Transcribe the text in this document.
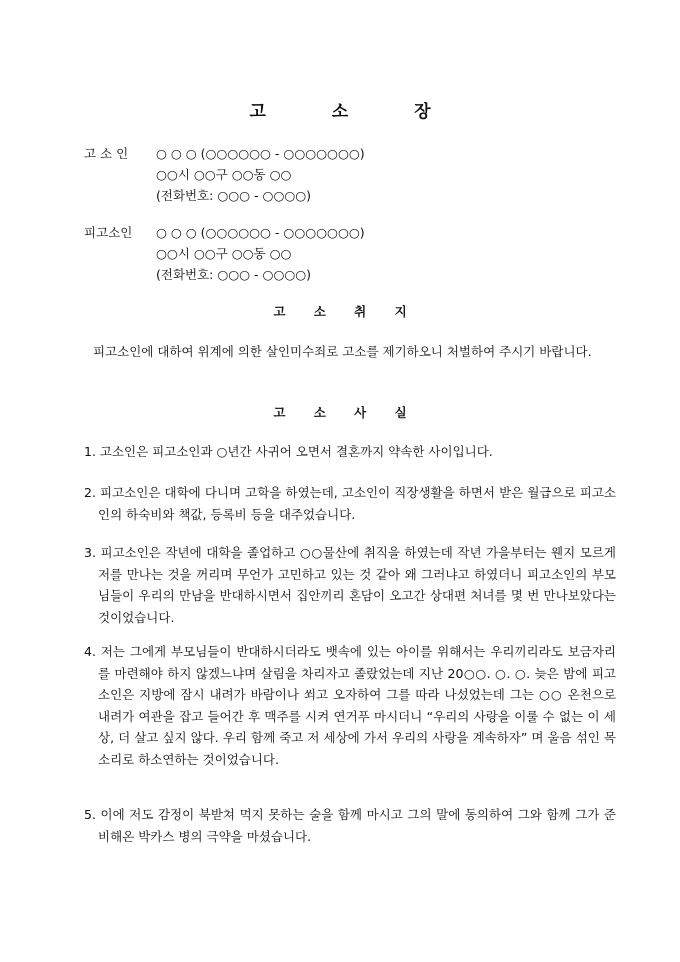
고 소 장
고 소 인	○ ○ ○ (○○○○○○ - ○○○○○○○)
○○시 ○○구 ○○동 ○○
(전화번호: ○○○ - ○○○○)
피고소인	○ ○ ○ (○○○○○○ - ○○○○○○○)
○○시 ○○구 ○○동 ○○
(전화번호: ○○○ - ○○○○)
고 소 취 지
피고소인에 대하여 위계에 의한 살인미수죄로 고소를 제기하오니 처벌하여 주시기 바랍니다.
고 소 사 실
1. 고소인은 피고소인과 ○년간 사귀어 오면서 결혼까지 약속한 사이입니다.
2. 피고소인은 대학에 다니며 고학을 하였는데, 고소인이 직장생활을 하면서 받은 월급으로 피고소인의 하숙비와 책값, 등록비 등을 대주었습니다.
3. 피고소인은 작년에 대학을 졸업하고 ○○물산에 취직을 하였는데 작년 가을부터는 웬지 모르게 저를 만나는 것을 꺼리며 무언가 고민하고 있는 것 같아 왜 그러냐고 하였더니 피고소인의 부모님들이 우리의 만남을 반대하시면서 집안끼리 혼담이 오고간 상대편 처녀를 몇 번 만나보았다는 것이었습니다.
4. 저는 그에게 부모님들이 반대하시더라도 뱃속에 있는 아이를 위해서는 우리끼리라도 보금자리를 마련해야 하지 않겠느냐며 살림을 차리자고 졸랐었는데 지난 20○○. ○. ○. 늦은 밤에 피고소인은 지방에 잠시 내려가 바람이나 쐬고 오자하여 그를 따라 나섰었는데 그는 ○○ 온천으로 내려가 여관을 잡고 들어간 후 맥주를 시켜 연거푸 마시더니 “우리의 사랑을 이룰 수 없는 이 세상, 더 살고 싶지 않다. 우리 함께 죽고 저 세상에 가서 우리의 사랑을 계속하자” 며 울음 섞인 목소리로 하소연하는 것이었습니다.
5. 이에 저도 감정이 북받쳐 먹지 못하는 술을 함께 마시고 그의 말에 동의하여 그와 함께 그가 준비해온 박카스 병의 극약을 마셨습니다.
